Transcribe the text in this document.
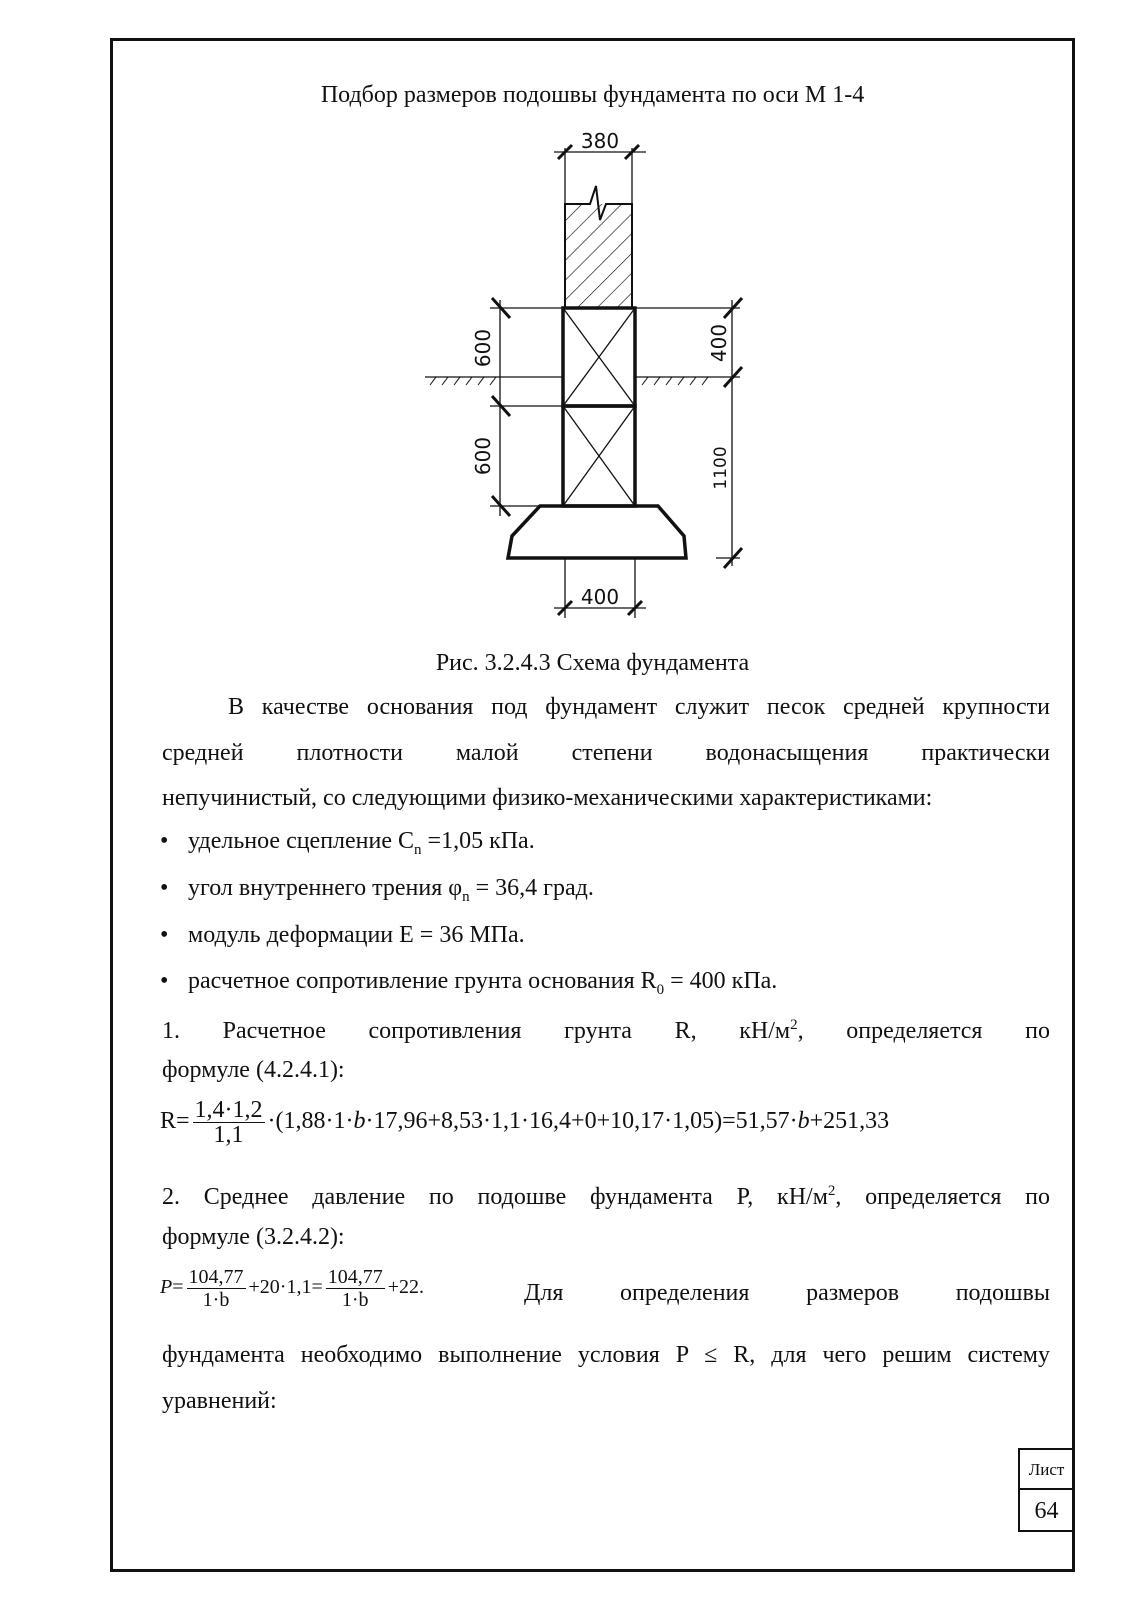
Подбор размеров подошвы фундамента по оси М 1-4
380
400
600
600
400
1100
Рис. 3.2.4.3 Схема фундамента
В качестве основания под фундамент служит песок средней крупности
средней плотности малой степени водонасыщения практически
непучинистый, со следующими физико-механическими характеристиками:
• удельное сцепление $C_n =1,05$ кПа.
• угол внутреннего трения $\varphi_n = 36,4$ град.
• модуль деформации E = 36 МПа.
• расчетное сопротивление грунта основания $R_0 = 400$ кПа.
1. Расчетное сопротивления грунта R, $кН/м^2$, определяется по
формуле (4.2.4.1):
$R= \frac{1,4\cdot 1,2}{1,1} \cdot(1,88\cdot 1\cdot b\cdot 17,96+8,53\cdot 1,1\cdot 16,4+0+10,17\cdot 1,05)=51,57\cdot b+251,33$
2. Среднее давление по подошве фундамента P, $кН/м^2$, определяется по
формуле (3.2.4.2):
$P= \frac{104,77}{1\cdot b} +20\cdot 1,1= \frac{104,77}{1\cdot b} +22$.	Для определения размеров подошвы
фундамента необходимо выполнение условия P ≤ R, для чего решим систему
уравнений:
Лист
64
